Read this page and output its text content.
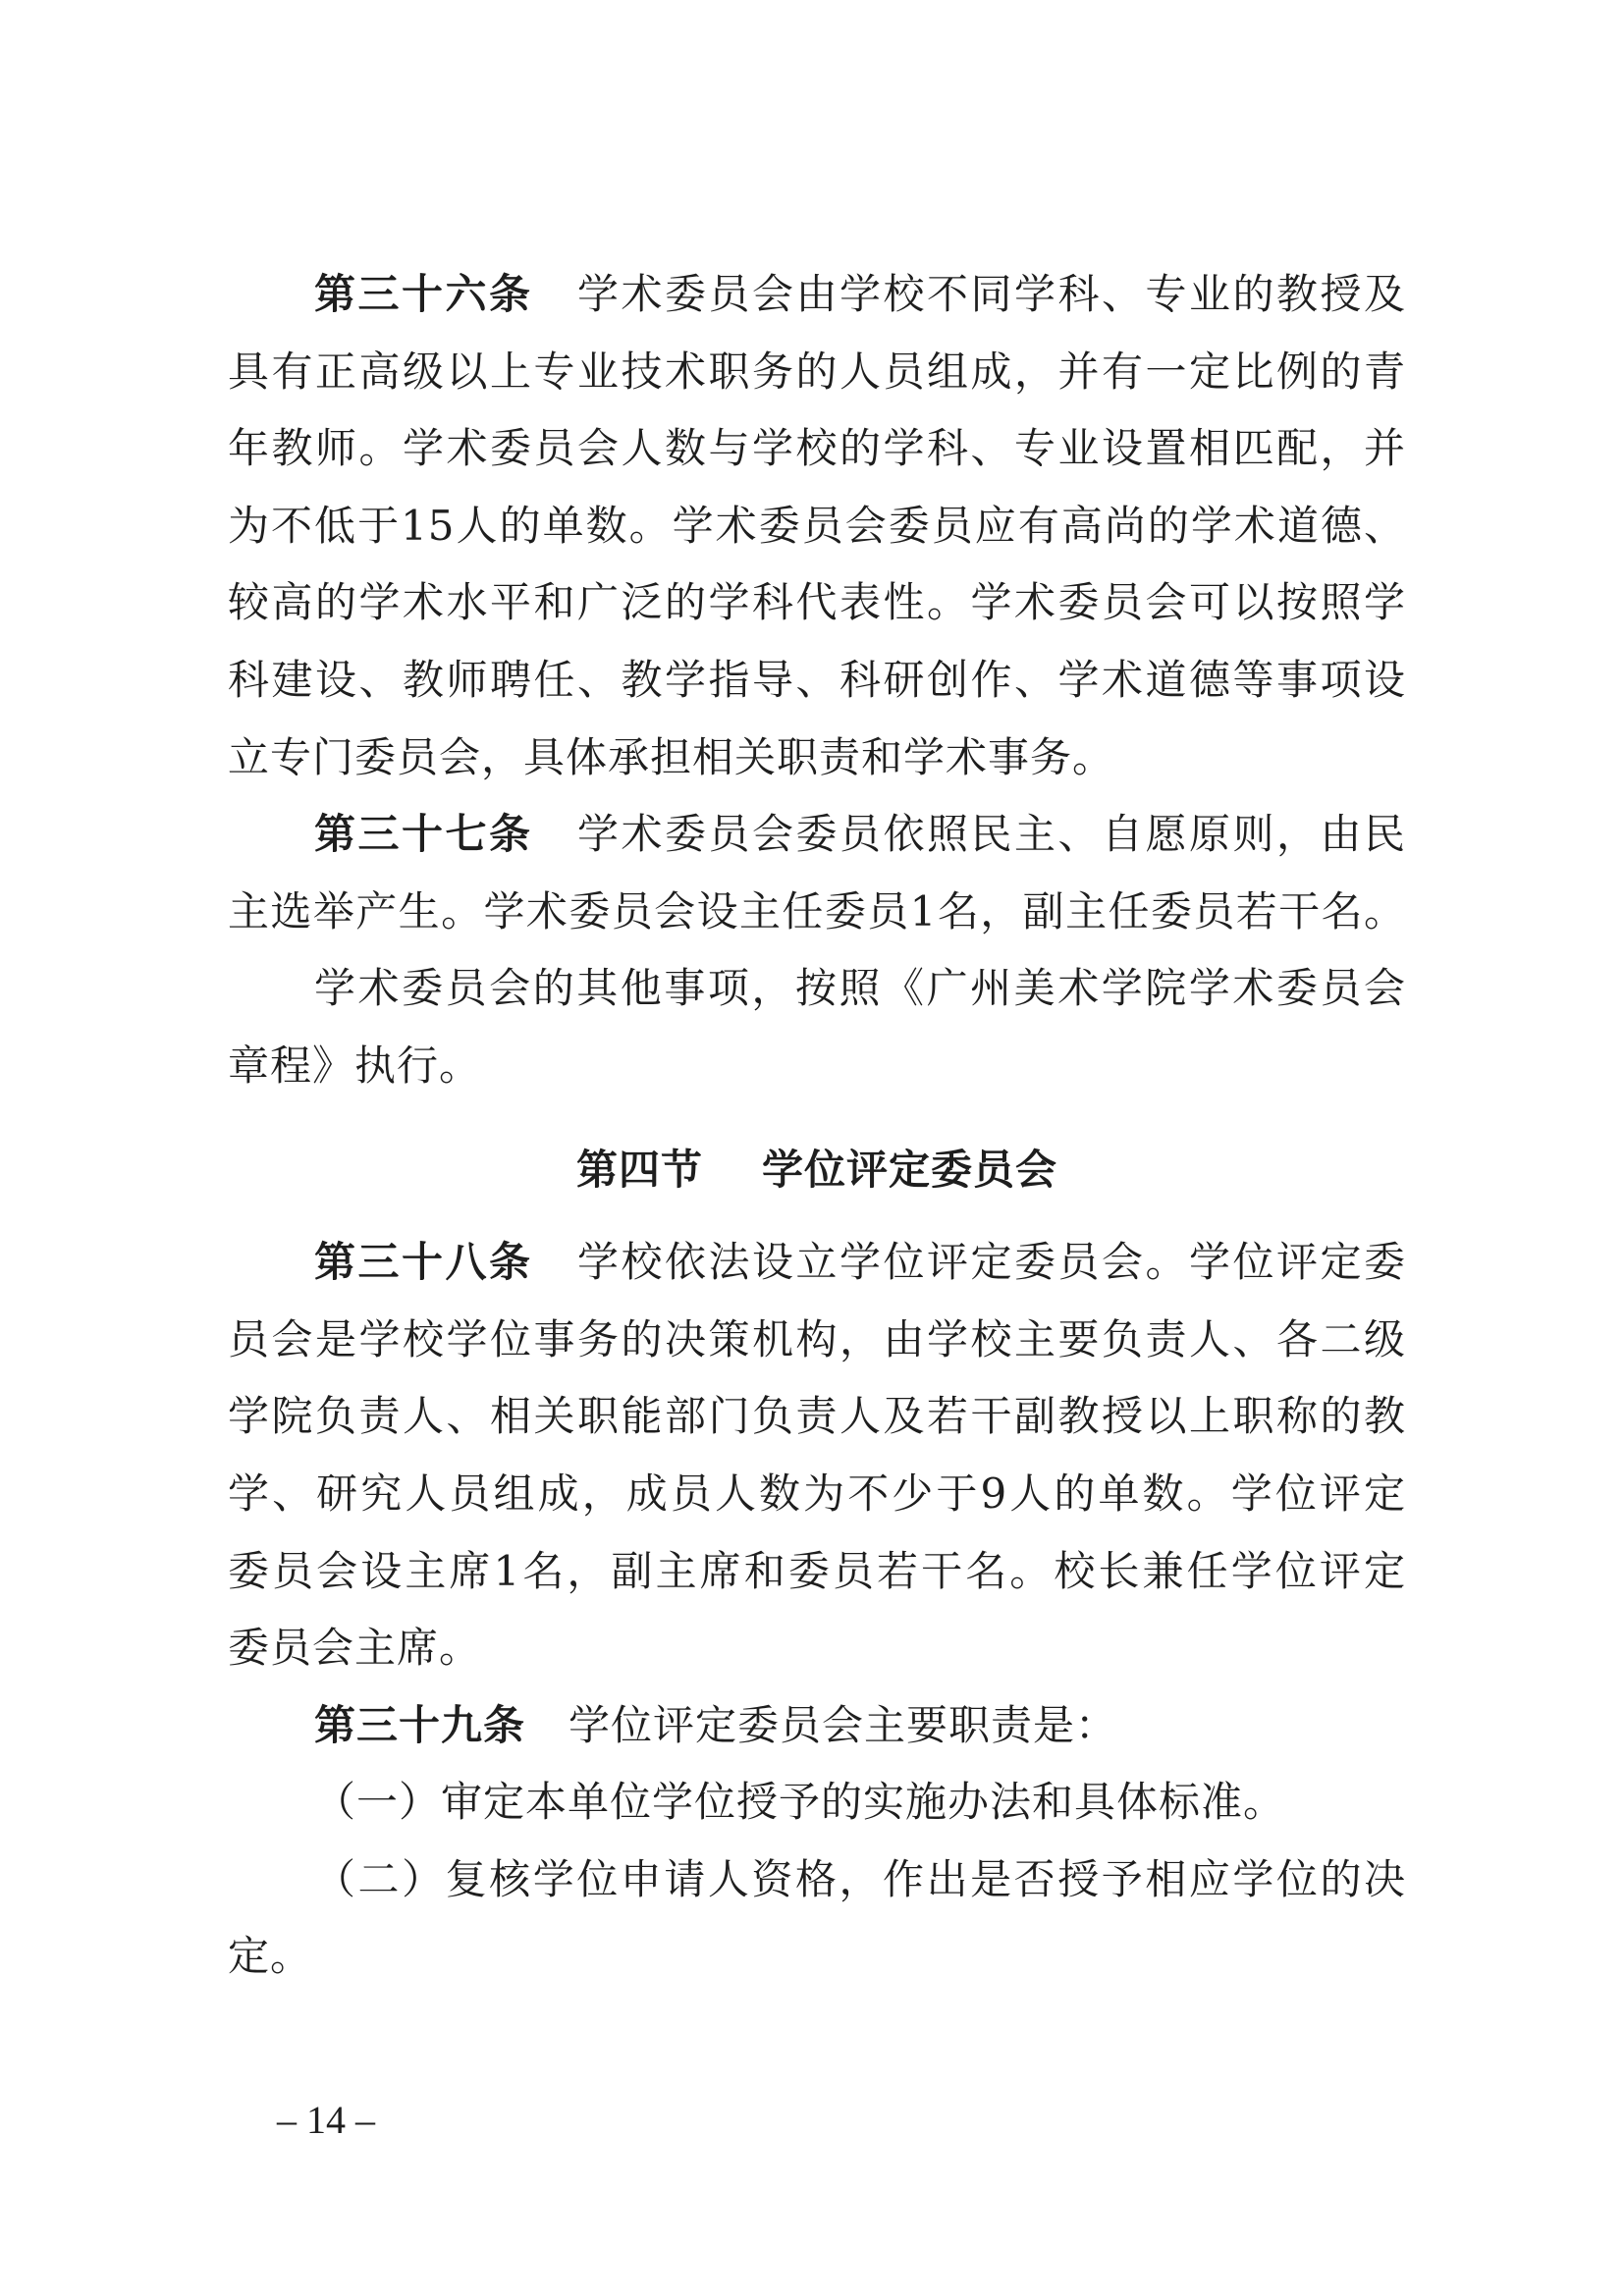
第三十六条 学术委员会由学校不同学科、专业的教授及
具有正高级以上专业技术职务的人员组成，并有一定比例的青
年教师。学术委员会人数与学校的学科、专业设置相匹配，并
为不低于15人的单数。学术委员会委员应有高尚的学术道德、
较高的学术水平和广泛的学科代表性。学术委员会可以按照学
科建设、教师聘任、教学指导、科研创作、学术道德等事项设
立专门委员会，具体承担相关职责和学术事务。
第三十七条 学术委员会委员依照民主、自愿原则，由民
主选举产生。学术委员会设主任委员1名，副主任委员若干名。
学术委员会的其他事项，按照《广州美术学院学术委员会
章程》执行。
第四节 学位评定委员会
第三十八条 学校依法设立学位评定委员会。学位评定委
员会是学校学位事务的决策机构，由学校主要负责人、各二级
学院负责人、相关职能部门负责人及若干副教授以上职称的教
学、研究人员组成，成员人数为不少于9人的单数。学位评定
委员会设主席1名，副主席和委员若干名。校长兼任学位评定
委员会主席。
第三十九条 学位评定委员会主要职责是：
（一）审定本单位学位授予的实施办法和具体标准。
（二）复核学位申请人资格，作出是否授予相应学位的决
定。
– 14 –
